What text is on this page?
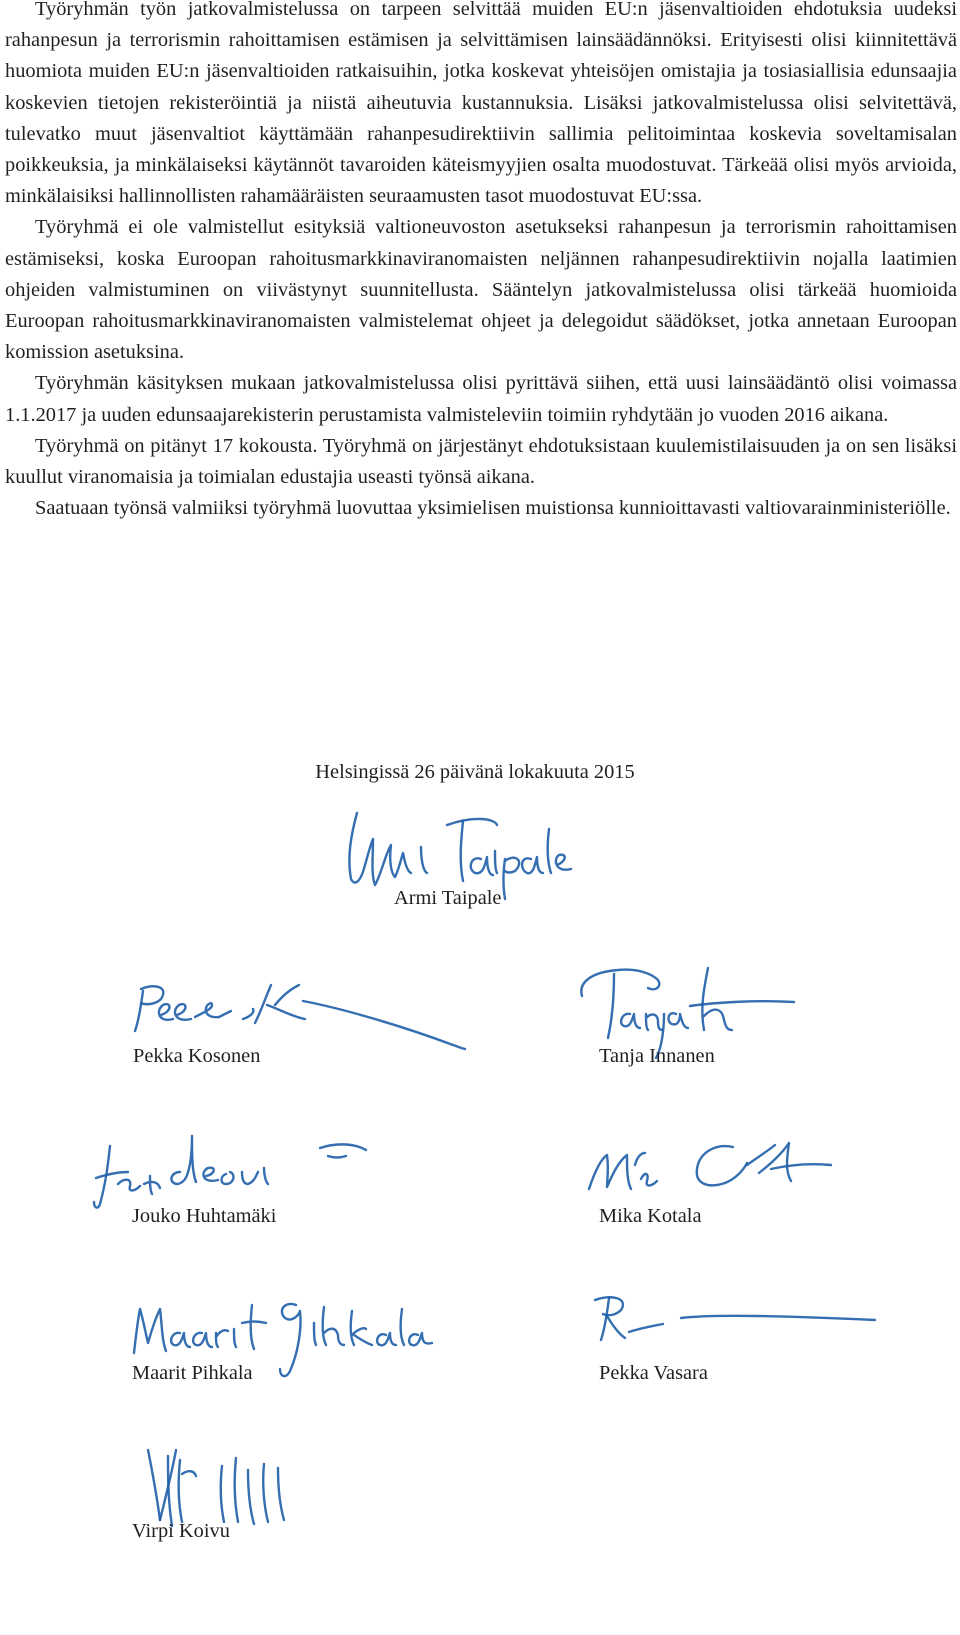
Työryhmän työn jatkovalmistelussa on tarpeen selvittää muiden EU:n jäsenvaltioiden ehdotuksia uudeksi rahanpesun ja terrorismin rahoittamisen estämisen ja selvittämisen lainsäädännöksi. Erityisesti olisi kiinnitettävä huomiota muiden EU:n jäsenvaltioiden ratkaisuihin, jotka koskevat yhteisöjen omistajia ja tosiasiallisia edunsaajia koskevien tietojen rekisteröintiä ja niistä aiheutuvia kustannuksia. Lisäksi jatkovalmistelussa olisi selvitettävä, tulevatko muut jäsenvaltiot käyttämään rahanpesudirektiivin sallimia pelitoimintaa koskevia soveltamisalan poikkeuksia, ja minkälaiseksi käytännöt tavaroiden käteismyyjien osalta muodostuvat. Tärkeää olisi myös arvioida, minkälaisiksi hallinnollisten rahamääräisten seuraamusten tasot muodostuvat EU:ssa.

Työryhmä ei ole valmistellut esityksiä valtioneuvoston asetukseksi rahanpesun ja terrorismin rahoittamisen estämiseksi, koska Euroopan rahoitusmarkkinaviranomaisten neljännen rahanpesudirektiivin nojalla laatimien ohjeiden valmistuminen on viivästynyt suunnitellusta. Sääntelyn jatkovalmistelussa olisi tärkeää huomioida Euroopan rahoitusmarkkinaviranomaisten valmistelemat ohjeet ja delegoidut säädökset, jotka annetaan Euroopan komission asetuksina.

Työryhmän käsityksen mukaan jatkovalmistelussa olisi pyrittävä siihen, että uusi lainsäädäntö olisi voimassa 1.1.2017 ja uuden edunsaajarekisterin perustamista valmisteleviin toimiin ryhdytään jo vuoden 2016 aikana.

Työryhmä on pitänyt 17 kokousta. Työryhmä on järjestänyt ehdotuksistaan kuulemistilaisuuden ja on sen lisäksi kuullut viranomaisia ja toimialan edustajia useasti työnsä aikana.

Saatuaan työnsä valmiiksi työryhmä luovuttaa yksimielisen muistionsa kunnioittavasti valtiovarainministeriölle.

Helsingissä 26 päivänä lokakuuta 2015
Armi Taipale
Pekka Kosonen	Tanja Innanen
Jouko Huhtamäki	Mika Kotala
Maarit Pihkala	Pekka Vasara
Virpi Koivu
